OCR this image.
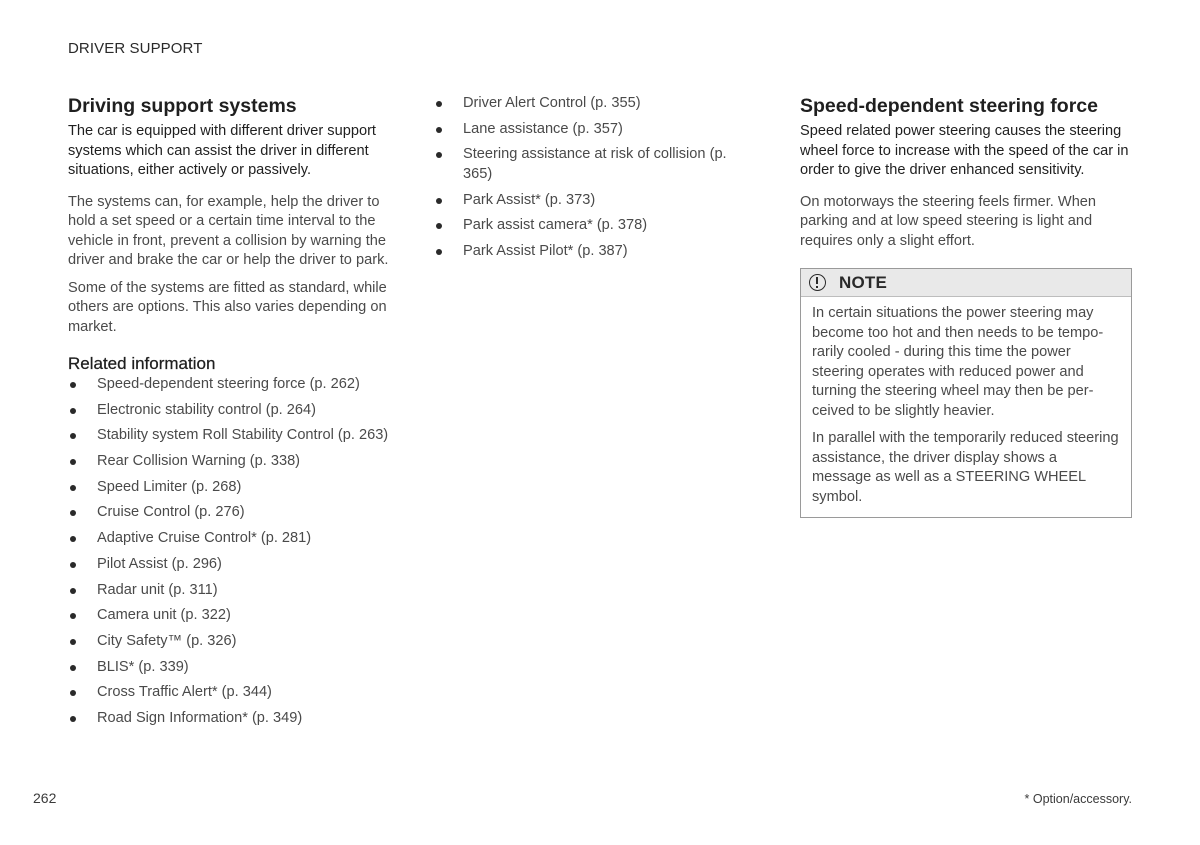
DRIVER SUPPORT
Driving support systems

The car is equipped with different driver support systems which can assist the driver in different situations, either actively or passively.

The systems can, for example, help the driver to hold a set speed or a certain time interval to the vehicle in front, prevent a collision by warning the driver and brake the car or help the driver to park.

Some of the systems are fitted as standard, while others are options. This also varies depending on market.

Related information
Speed-dependent steering force (p. 262)
Electronic stability control (p. 264)
Stability system Roll Stability Control (p. 263)
Rear Collision Warning (p. 338)
Speed Limiter (p. 268)
Cruise Control (p. 276)
Adaptive Cruise Control* (p. 281)
Pilot Assist (p. 296)
Radar unit (p. 311)
Camera unit (p. 322)
City Safety™ (p. 326)
BLIS* (p. 339)
Cross Traffic Alert* (p. 344)
Road Sign Information* (p. 349)
Driver Alert Control (p. 355)
Lane assistance (p. 357)
Steering assistance at risk of collision (p. 365)
Park Assist* (p. 373)
Park assist camera* (p. 378)
Park Assist Pilot* (p. 387)
Speed-dependent steering force

Speed related power steering causes the steering wheel force to increase with the speed of the car in order to give the driver enhanced sensitivity.

On motorways the steering feels firmer. When parking and at low speed steering is light and requires only a slight effort.

NOTE

In certain situations the power steering may become too hot and then needs to be temporarily cooled - during this time the power steering operates with reduced power and turning the steering wheel may then be perceived to be slightly heavier.

In parallel with the temporarily reduced steering assistance, the driver display shows a message as well as a STEERING WHEEL symbol.

262	* Option/accessory.
